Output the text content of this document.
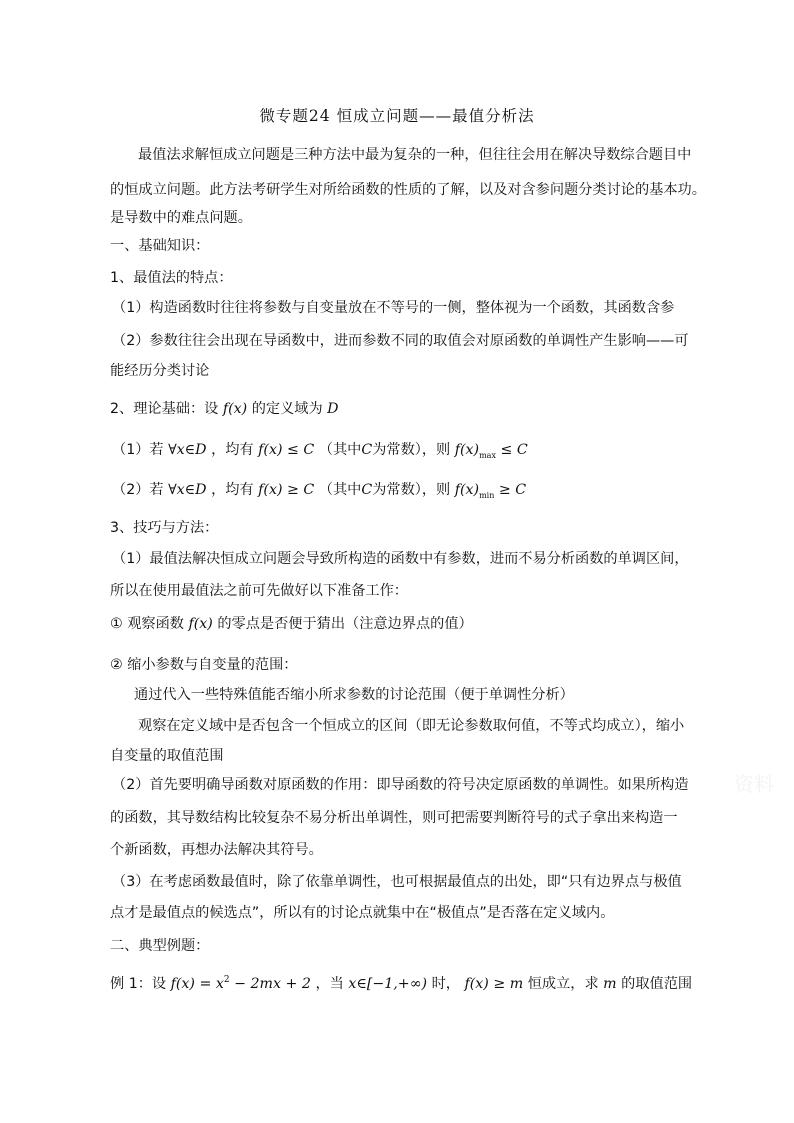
微专题24 恒成立问题——最值分析法
最值法求解恒成立问题是三种方法中最为复杂的一种，但往往会用在解决导数综合题目中
的恒成立问题。此方法考研学生对所给函数的性质的了解，以及对含参问题分类讨论的基本功。
是导数中的难点问题。
一、基础知识：
1、最值法的特点：
（1）构造函数时往往将参数与自变量放在不等号的一侧，整体视为一个函数，其函数含参
（2）参数往往会出现在导函数中，进而参数不同的取值会对原函数的单调性产生影响——可
能经历分类讨论
2、理论基础：设 f(x) 的定义域为 D
（1）若 ∀x∈D ，均有 f(x) ≤ C （其中C为常数），则 $f(x)_{max} \le C$
（2）若 ∀x∈D ，均有 f(x) ≥ C （其中C为常数），则 $f(x)_{min} \ge C$
3、技巧与方法：
（1）最值法解决恒成立问题会导致所构造的函数中有参数，进而不易分析函数的单调区间，
所以在使用最值法之前可先做好以下准备工作：
① 观察函数 f(x) 的零点是否便于猜出（注意边界点的值）
② 缩小参数与自变量的范围：
通过代入一些特殊值能否缩小所求参数的讨论范围（便于单调性分析）
观察在定义域中是否包含一个恒成立的区间（即无论参数取何值，不等式均成立），缩小
自变量的取值范围
（2）首先要明确导函数对原函数的作用：即导函数的符号决定原函数的单调性。如果所构造
的函数，其导数结构比较复杂不易分析出单调性，则可把需要判断符号的式子拿出来构造一
个新函数，再想办法解决其符号。
（3）在考虑函数最值时，除了依靠单调性，也可根据最值点的出处，即“只有边界点与极值
点才是最值点的候选点”，所以有的讨论点就集中在“极值点”是否落在定义域内。
二、典型例题：
例 1：设 $f(x) = x^2 - 2mx + 2$ ，当 x∈[−1,+∞) 时， f(x) ≥ m 恒成立，求 m 的取值范围
资料
